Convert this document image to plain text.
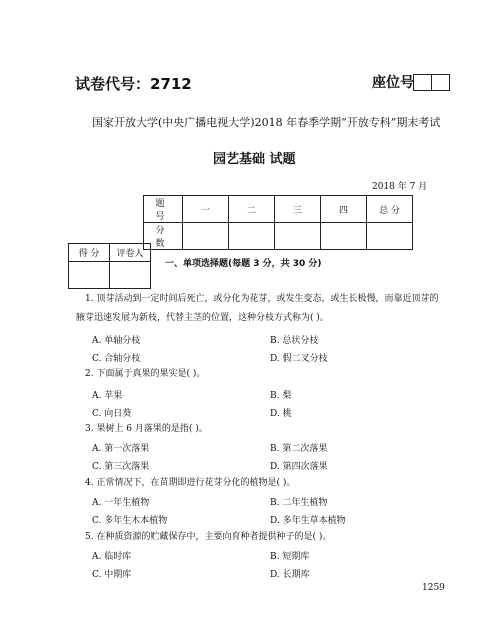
试卷代号：2712	座位号
国家开放大学(中央广播电视大学)2018 年春季学期“开放专科”期末考试
园艺基础 试题
2018 年 7 月
题 号	一	二	三	四	总 分
分 数					
得 分	评卷人

一、单项选择题(每题 3 分，共 30 分)
1. 顶芽活动到一定时间后死亡，或分化为花芽，或发生变态，或生长极慢，而靠近顶芽的
腋芽迅速发展为新枝，代替主茎的位置，这种分枝方式称为( )。
A. 单轴分枝	B. 总状分枝
C. 合轴分枝	D. 假二叉分枝
2. 下面属于真果的果实是( )。
A. 苹果	B. 梨
C. 向日葵	D. 桃
3. 果树上 6 月落果的是指( )。
A. 第一次落果	B. 第二次落果
C. 第三次落果	D. 第四次落果
4. 正常情况下，在苗期即进行花芽分化的植物是( )。
A. 一年生植物	B. 二年生植物
C. 多年生木本植物	D. 多年生草本植物
5. 在种质资源的贮藏保存中，主要向育种者提供种子的是( )。
A. 临时库	B. 短期库
C. 中期库	D. 长期库
1259
